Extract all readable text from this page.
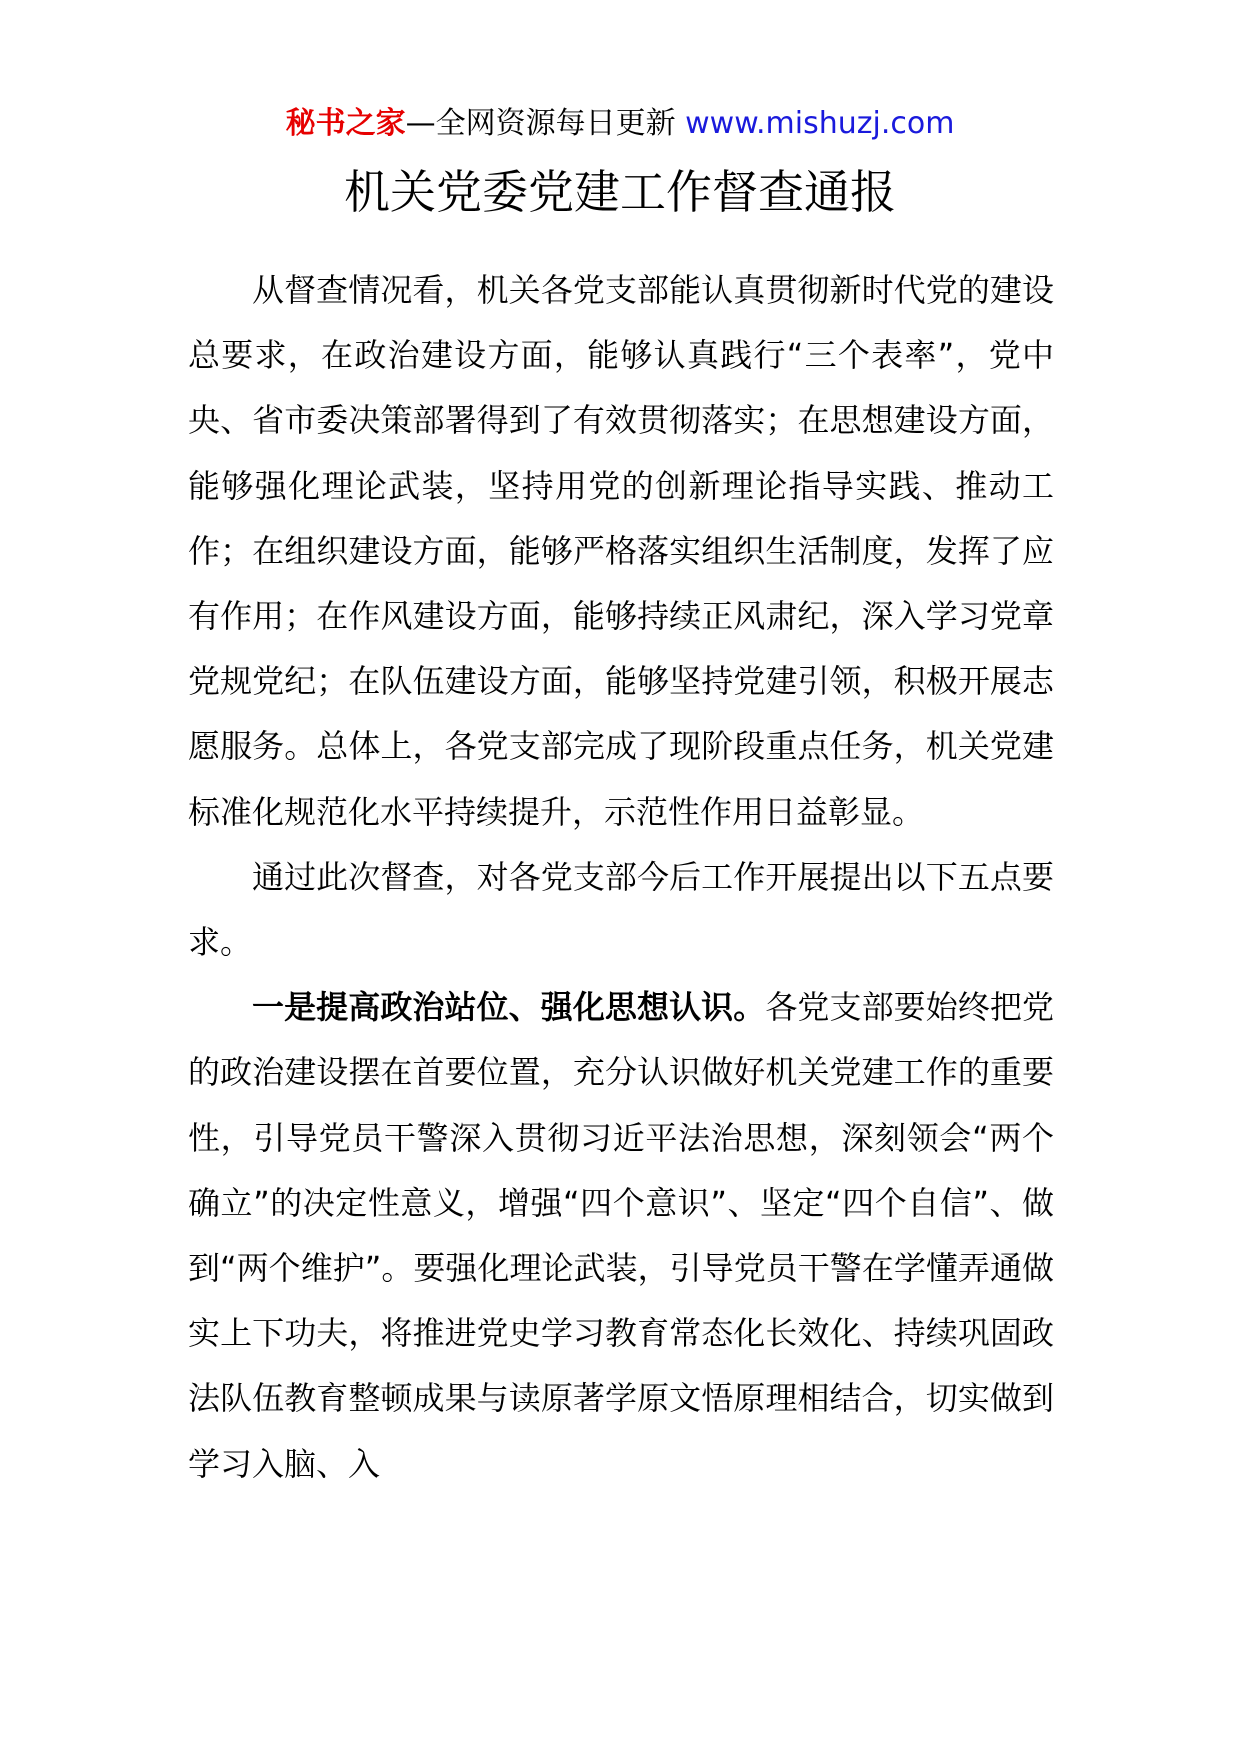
秘书之家—全网资源每日更新 www.mishuzj.com
机关党委党建工作督查通报

从督查情况看，机关各党支部能认真贯彻新时代党的建设总要求，在政治建设方面，能够认真践行“三个表率”，党中央、省市委决策部署得到了有效贯彻落实；在思想建设方面，能够强化理论武装，坚持用党的创新理论指导实践、推动工作；在组织建设方面，能够严格落实组织生活制度，发挥了应有作用；在作风建设方面，能够持续正风肃纪，深入学习党章党规党纪；在队伍建设方面，能够坚持党建引领，积极开展志愿服务。总体上，各党支部完成了现阶段重点任务，机关党建标准化规范化水平持续提升，示范性作用日益彰显。

通过此次督查，对各党支部今后工作开展提出以下五点要求。

一是提高政治站位、强化思想认识。各党支部要始终把党的政治建设摆在首要位置，充分认识做好机关党建工作的重要性，引导党员干警深入贯彻习近平法治思想，深刻领会“两个确立”的决定性意义，增强“四个意识”、坚定“四个自信”、做到“两个维护”。要强化理论武装，引导党员干警在学懂弄通做实上下功夫，将推进党史学习教育常态化长效化、持续巩固政法队伍教育整顿成果与读原著学原文悟原理相结合，切实做到学习入脑、入
